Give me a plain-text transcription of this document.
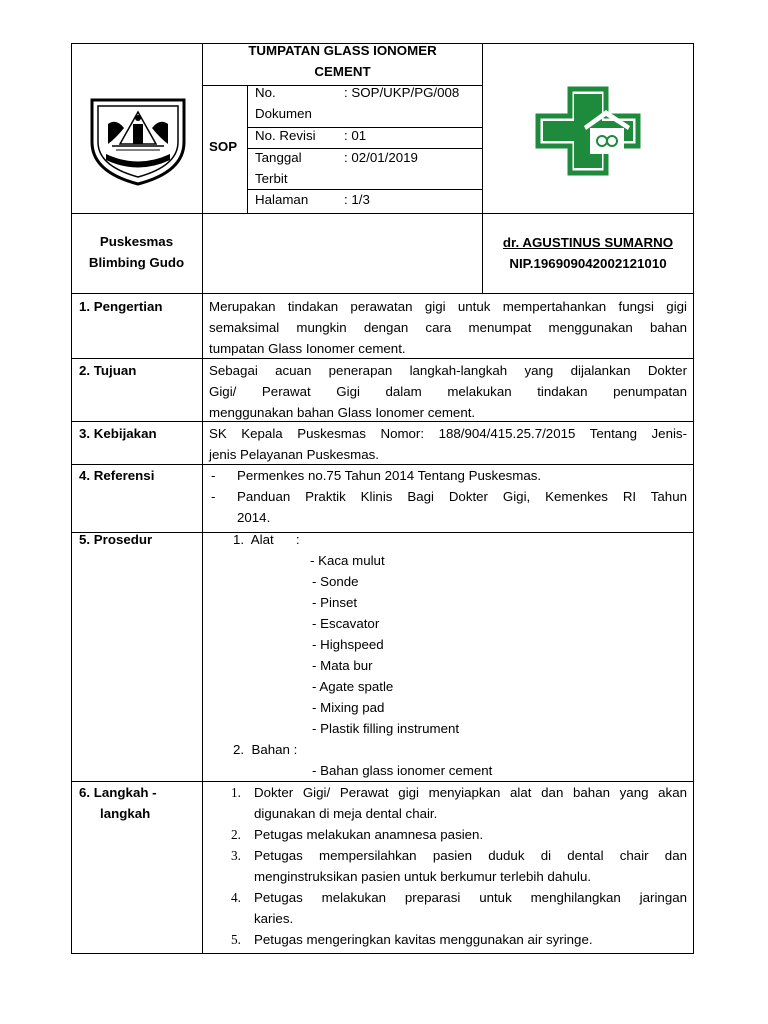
TUMPATAN GLASS IONOMER
CEMENT
SOP
No.
Dokumen
: SOP/UKP/PG/008
No. Revisi : 01
Tanggal
Terbit
: 02/01/2019
Halaman	: 1/3
Puskesmas
Blimbing Gudo
dr. AGUSTINUS SUMARNO
NIP.196909042002121010
1. Pengertian	Merupakan tindakan perawatan gigi untuk mempertahankan fungsi gigi
semaksimal mungkin dengan cara menumpat menggunakan bahan
tumpatan Glass Ionomer cement.
2. Tujuan	Sebagai acuan penerapan langkah-langkah yang dijalankan Dokter
Gigi/ Perawat Gigi dalam melakukan tindakan penumpatan
menggunakan bahan Glass Ionomer cement.
3. Kebijakan	SK Kepala Puskesmas Nomor: 188/904/415.25.7/2015 Tentang Jenis-
jenis Pelayanan Puskesmas.
4. Referensi	- Permenkes no.75 Tahun 2014 Tentang Puskesmas.
- Panduan Praktik Klinis Bagi Dokter Gigi, Kemenkes RI Tahun
2014.
5. Prosedur	1.  Alat      :
- Kaca mulut
- Sonde
- Pinset
- Escavator
- Highspeed
- Mata bur
- Agate spatle
- Mixing pad
- Plastik filling instrument
2.  Bahan :
- Bahan glass ionomer cement
6. Langkah -
langkah
1. Dokter Gigi/ Perawat gigi menyiapkan alat dan bahan yang akan
digunakan di meja dental chair.
2. Petugas melakukan anamnesa pasien.
3. Petugas mempersilahkan pasien duduk di dental chair dan
menginstruksikan pasien untuk berkumur terlebih dahulu.
4. Petugas melakukan preparasi untuk menghilangkan jaringan
karies.
5. Petugas mengeringkan kavitas menggunakan air syringe.
